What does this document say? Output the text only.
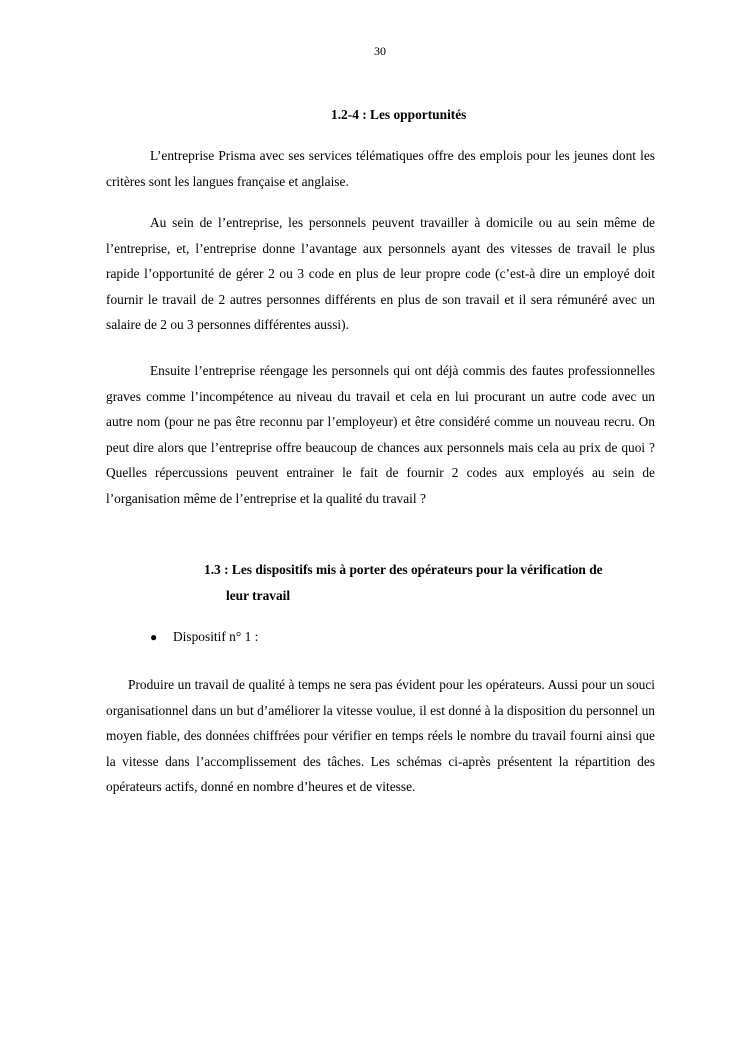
30
1.2-4 : Les opportunités

L’entreprise Prisma avec ses services télématiques offre des emplois pour les jeunes dont les critères sont les langues française et anglaise.

Au sein de l’entreprise, les personnels peuvent travailler à domicile ou au sein même de l’entreprise, et, l’entreprise donne l’avantage aux personnels ayant des vitesses de travail le plus rapide l’opportunité de gérer 2 ou 3 code en plus de leur propre code (c’est-à dire un employé doit fournir le travail de 2 autres personnes différents en plus de son travail et il sera rémunéré avec un salaire de 2 ou 3 personnes différentes aussi).

Ensuite l’entreprise réengage les personnels qui ont déjà commis des fautes professionnelles graves comme l’incompétence au niveau du travail et cela en lui procurant un autre code avec un autre nom (pour ne pas être reconnu par l’employeur) et être considéré comme un nouveau recru. On peut dire alors que l’entreprise offre beaucoup de chances aux personnels mais cela au prix de quoi ? Quelles répercussions peuvent entrainer le fait de fournir 2 codes aux employés au sein de l’organisation même de l’entreprise et la qualité du travail ?

1.3 : Les dispositifs mis à porter des opérateurs pour la vérification de
leur travail
● Dispositif n° 1 :

Produire un travail de qualité à temps ne sera pas évident pour les opérateurs. Aussi pour un souci organisationnel dans un but d’améliorer la vitesse voulue, il est donné à la disposition du personnel un moyen fiable, des données chiffrées pour vérifier en temps réels le nombre du travail fourni ainsi que la vitesse dans l’accomplissement des tâches. Les schémas ci-après présentent la répartition des opérateurs actifs, donné en nombre d’heures et de vitesse.
